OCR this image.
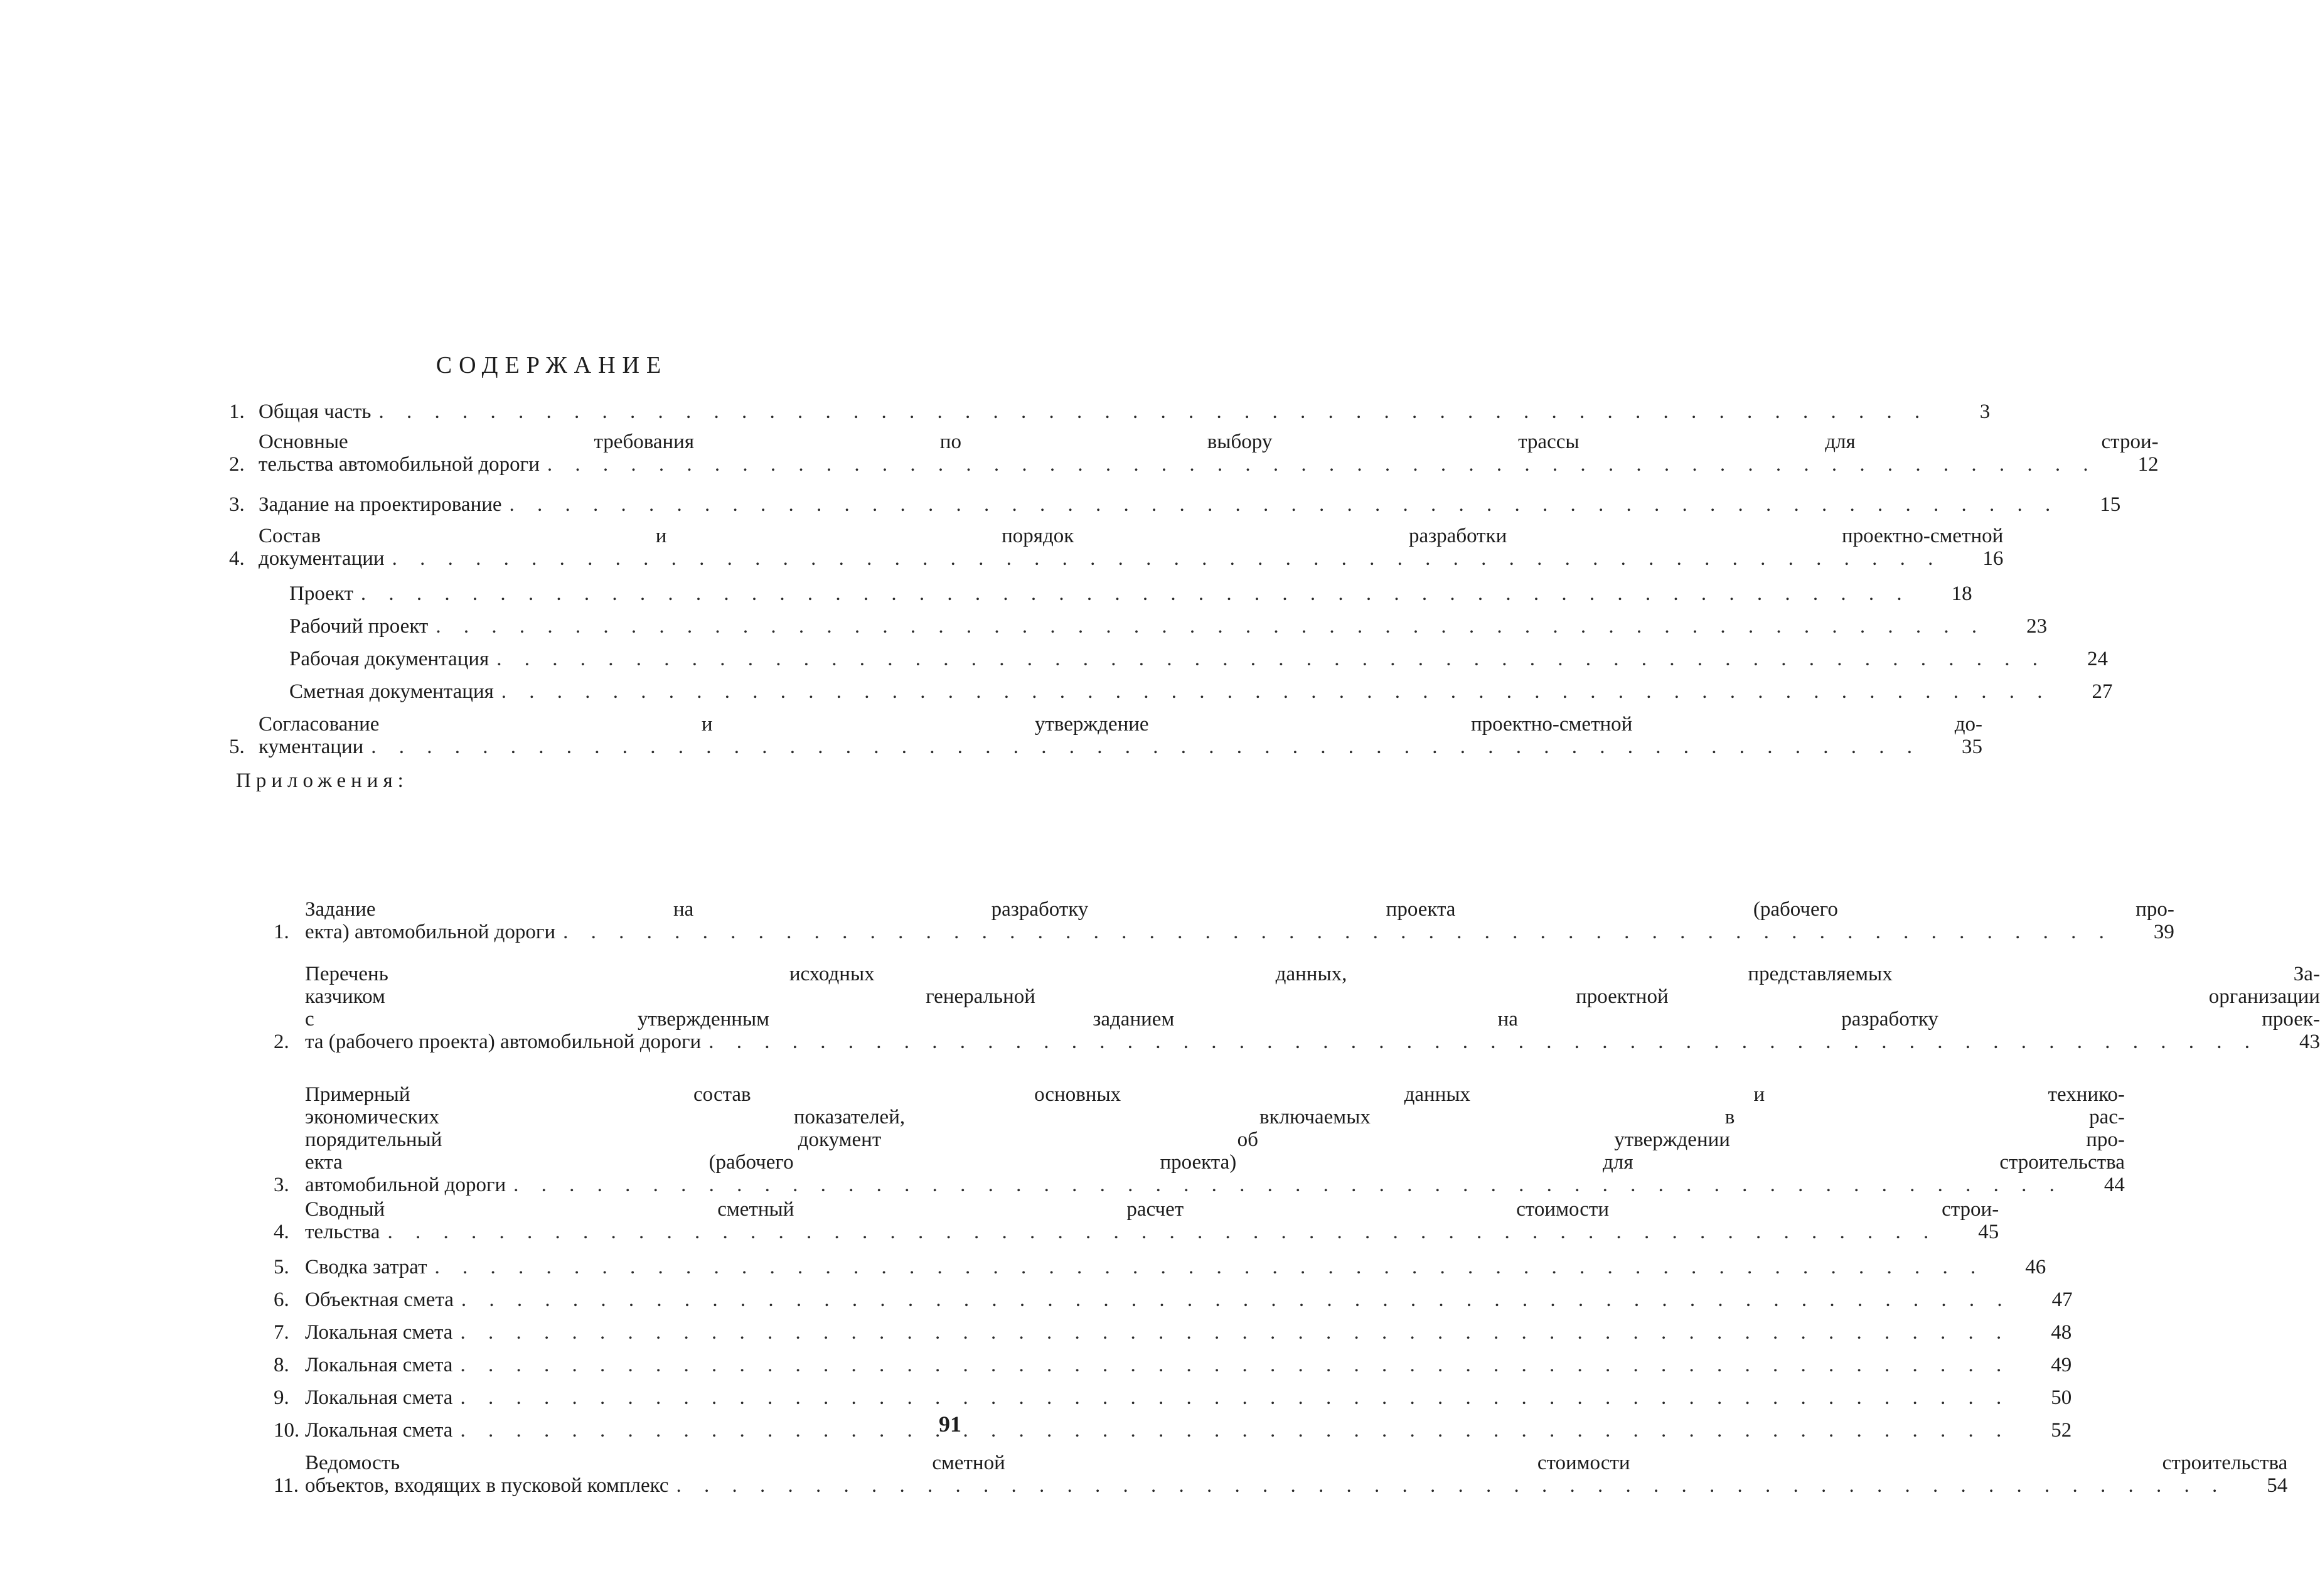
СОДЕРЖАНИЕ
1. Общая часть . . .	3
2.
Основные требования по выбору трассы для строи-
тельства автомобильной дороги . . .	12
3. Задание на проектирование . . .	15
4.
Состав и порядок разработки проектно-сметной
документации . . .	16
Проект . . .	18
Рабочий проект . . .	23
Рабочая документация . . .	24
Сметная документация . . .	27
5.
Согласование и утверждение проектно-сметной до-
кументации . . .	35
Приложения:
1.
Задание на разработку проекта (рабочего про-
екта) автомобильной дороги . . .	39
2.
Перечень исходных данных, представляемых За-
казчиком генеральной проектной организации
с утвержденным заданием на разработку проек-
та (рабочего проекта) автомобильной дороги . . .	43
3.
Примерный состав основных данных и технико-
экономических показателей, включаемых в рас-
порядительный документ об утверждении про-
екта (рабочего проекта) для строительства
автомобильной дороги . . .	44
4.
Сводный сметный расчет стоимости строи-
тельства . . .	45
5. Сводка затрат . . .	46
6. Объектная смета . . .	47
7. Локальная смета . . .	48
8. Локальная смета . . .	49
9. Локальная смета . . .	50
10. Локальная смета . . .	52
11.
Ведомость сметной стоимости строительства
объектов, входящих в пусковой комплекс . . .	54
91
